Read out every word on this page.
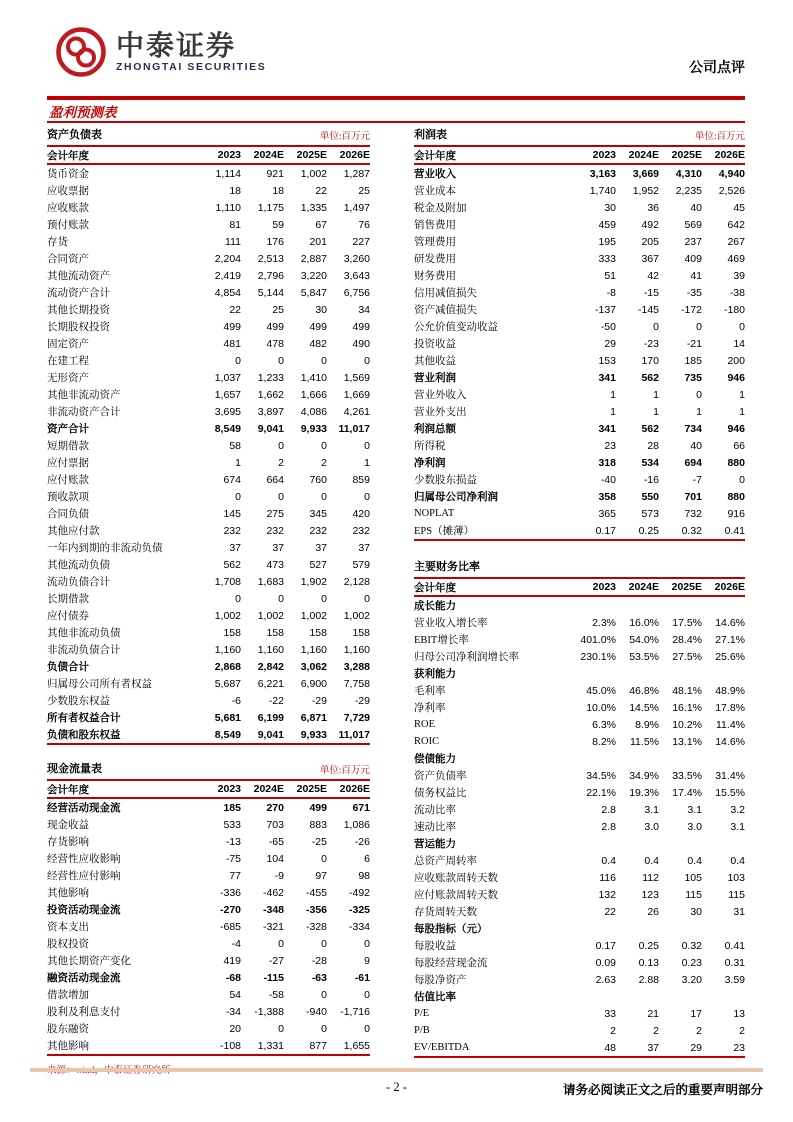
中泰证券
ZHONGTAI SECURITIES	公司点评
盈利预测表
资产负债表	单位:百万元
会计年度	2023	2024E	2025E	2026E
货币资金	1,114	921	1,002	1,287
应收票据	18	18	22	25
应收账款	1,110	1,175	1,335	1,497
预付账款	81	59	67	76
存货	111	176	201	227
合同资产	2,204	2,513	2,887	3,260
其他流动资产	2,419	2,796	3,220	3,643
流动资产合计	4,854	5,144	5,847	6,756
其他长期投资	22	25	30	34
长期股权投资	499	499	499	499
固定资产	481	478	482	490
在建工程	0	0	0	0
无形资产	1,037	1,233	1,410	1,569
其他非流动资产	1,657	1,662	1,666	1,669
非流动资产合计	3,695	3,897	4,086	4,261
资产合计	8,549	9,041	9,933	11,017
短期借款	58	0	0	0
应付票据	1	2	2	1
应付账款	674	664	760	859
预收款项	0	0	0	0
合同负债	145	275	345	420
其他应付款	232	232	232	232
一年内到期的非流动负债	37	37	37	37
其他流动负债	562	473	527	579
流动负债合计	1,708	1,683	1,902	2,128
长期借款	0	0	0	0
应付债券	1,002	1,002	1,002	1,002
其他非流动负债	158	158	158	158
非流动负债合计	1,160	1,160	1,160	1,160
负债合计	2,868	2,842	3,062	3,288
归属母公司所有者权益	5,687	6,221	6,900	7,758
少数股东权益	-6	-22	-29	-29
所有者权益合计	5,681	6,199	6,871	7,729
负债和股东权益	8,549	9,041	9,933	11,017
现金流量表	单位:百万元
会计年度	2023	2024E	2025E	2026E
经营活动现金流	185	270	499	671
现金收益	533	703	883	1,086
存货影响	-13	-65	-25	-26
经营性应收影响	-75	104	0	6
经营性应付影响	77	-9	97	98
其他影响	-336	-462	-455	-492
投资活动现金流	-270	-348	-356	-325
资本支出	-685	-321	-328	-334
股权投资	-4	0	0	0
其他长期资产变化	419	-27	-28	9
融资活动现金流	-68	-115	-63	-61
借款增加	54	-58	0	0
股利及利息支付	-34	-1,388	-940	-1,716
股东融资	20	0	0	0
其他影响	-108	1,331	877	1,655
利润表	单位:百万元
会计年度	2023	2024E	2025E	2026E
营业收入	3,163	3,669	4,310	4,940
营业成本	1,740	1,952	2,235	2,526
税金及附加	30	36	40	45
销售费用	459	492	569	642
管理费用	195	205	237	267
研发费用	333	367	409	469
财务费用	51	42	41	39
信用减值损失	-8	-15	-35	-38
资产减值损失	-137	-145	-172	-180
公允价值变动收益	-50	0	0	0
投资收益	29	-23	-21	14
其他收益	153	170	185	200
营业利润	341	562	735	946
营业外收入	1	1	0	1
营业外支出	1	1	1	1
利润总额	341	562	734	946
所得税	23	28	40	66
净利润	318	534	694	880
少数股东损益	-40	-16	-7	0
归属母公司净利润	358	550	701	880
NOPLAT	365	573	732	916
EPS（摊薄）	0.17	0.25	0.32	0.41
主要财务比率
会计年度	2023	2024E	2025E	2026E
成长能力
营业收入增长率	2.3%	16.0%	17.5%	14.6%
EBIT增长率	401.0%	54.0%	28.4%	27.1%
归母公司净利润增长率	230.1%	53.5%	27.5%	25.6%
获利能力
毛利率	45.0%	46.8%	48.1%	48.9%
净利率	10.0%	14.5%	16.1%	17.8%
ROE	6.3%	8.9%	10.2%	11.4%
ROIC	8.2%	11.5%	13.1%	14.6%
偿债能力
资产负债率	34.5%	34.9%	33.5%	31.4%
债务权益比	22.1%	19.3%	17.4%	15.5%
流动比率	2.8	3.1	3.1	3.2
速动比率	2.8	3.0	3.0	3.1
营运能力
总资产周转率	0.4	0.4	0.4	0.4
应收账款周转天数	116	112	105	103
应付账款周转天数	132	123	115	115
存货周转天数	22	26	30	31
每股指标（元）
每股收益	0.17	0.25	0.32	0.41
每股经营现金流	0.09	0.13	0.23	0.31
每股净资产	2.63	2.88	3.20	3.59
估值比率
P/E	33	21	17	13
P/B	2	2	2	2
EV/EBITDA	48	37	29	23
- 2 -	请务必阅读正文之后的重要声明部分
